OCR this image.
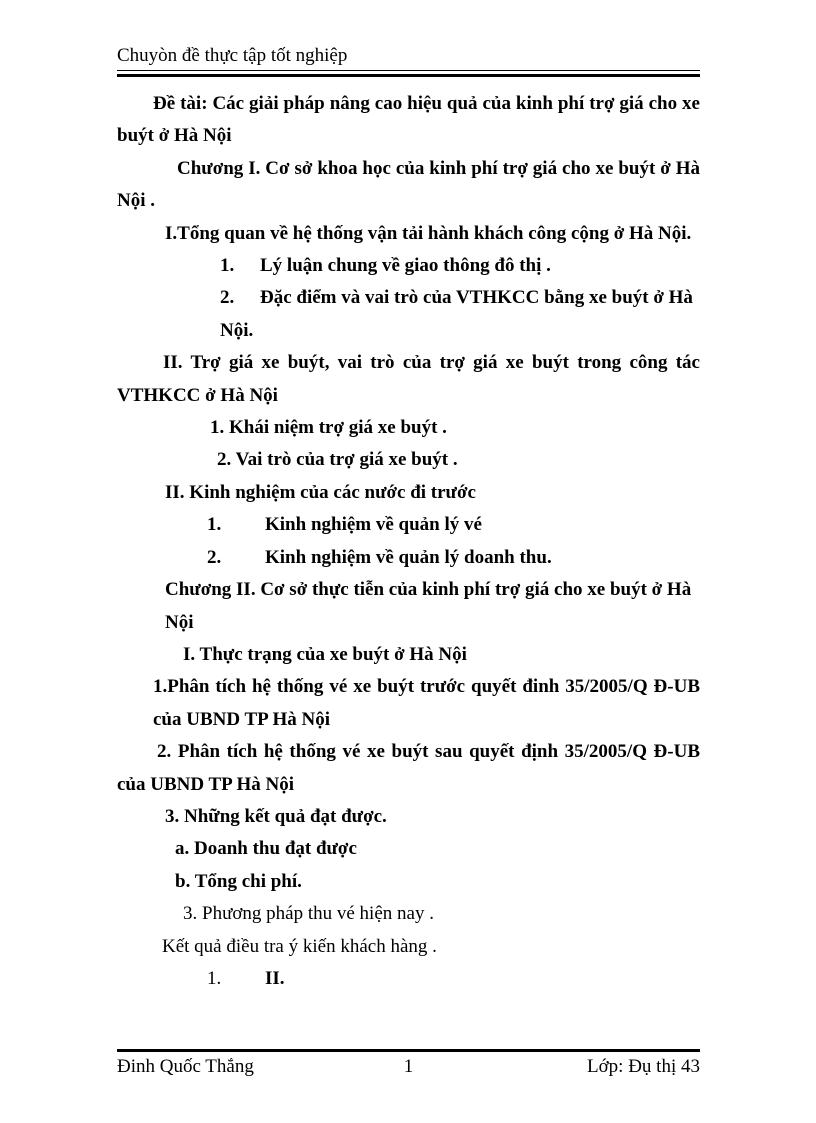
Chuyòn đề thực tập tốt nghiệp

Đề tài: Các giải pháp nâng cao hiệu quả của kinh phí trợ giá cho xe buýt ở Hà Nội

Chương I. Cơ sở khoa học của kinh phí trợ giá cho xe buýt ở Hà Nội .

I.Tổng quan về hệ thống vận tải hành khách công cộng ở Hà Nội.

1. Lý luận chung về giao thông đô thị .

2. Đặc điểm và vai trò của VTHKCC bằng xe buýt ở Hà Nội.

II. Trợ giá xe buýt, vai trò của trợ giá xe buýt trong công tác VTHKCC ở Hà Nội

1. Khái niệm trợ giá xe buýt .

2. Vai trò của trợ giá xe buýt .

II. Kinh nghiệm của các nước đi trước

1. Kinh nghiệm về quản lý vé

2. Kinh nghiệm về quản lý doanh thu.

Chương II. Cơ sở thực tiễn của kinh phí trợ giá cho xe buýt ở Hà Nội

I. Thực trạng của xe buýt ở Hà Nội

1.Phân tích hệ thống vé xe buýt trước quyết đinh 35/2005/Q Đ-UB của UBND TP Hà Nội

2. Phân tích hệ thống vé xe buýt sau quyết định 35/2005/Q Đ-UB của UBND TP Hà Nội

3. Những kết quả đạt được.

a. Doanh thu đạt được

b. Tổng chi phí.

3. Phương pháp thu vé hiện nay .

Kết quả điều tra ý kiến khách hàng .

1. II.

Đinh Quốc Thắng	1	Lớp: Đụ thị 43
